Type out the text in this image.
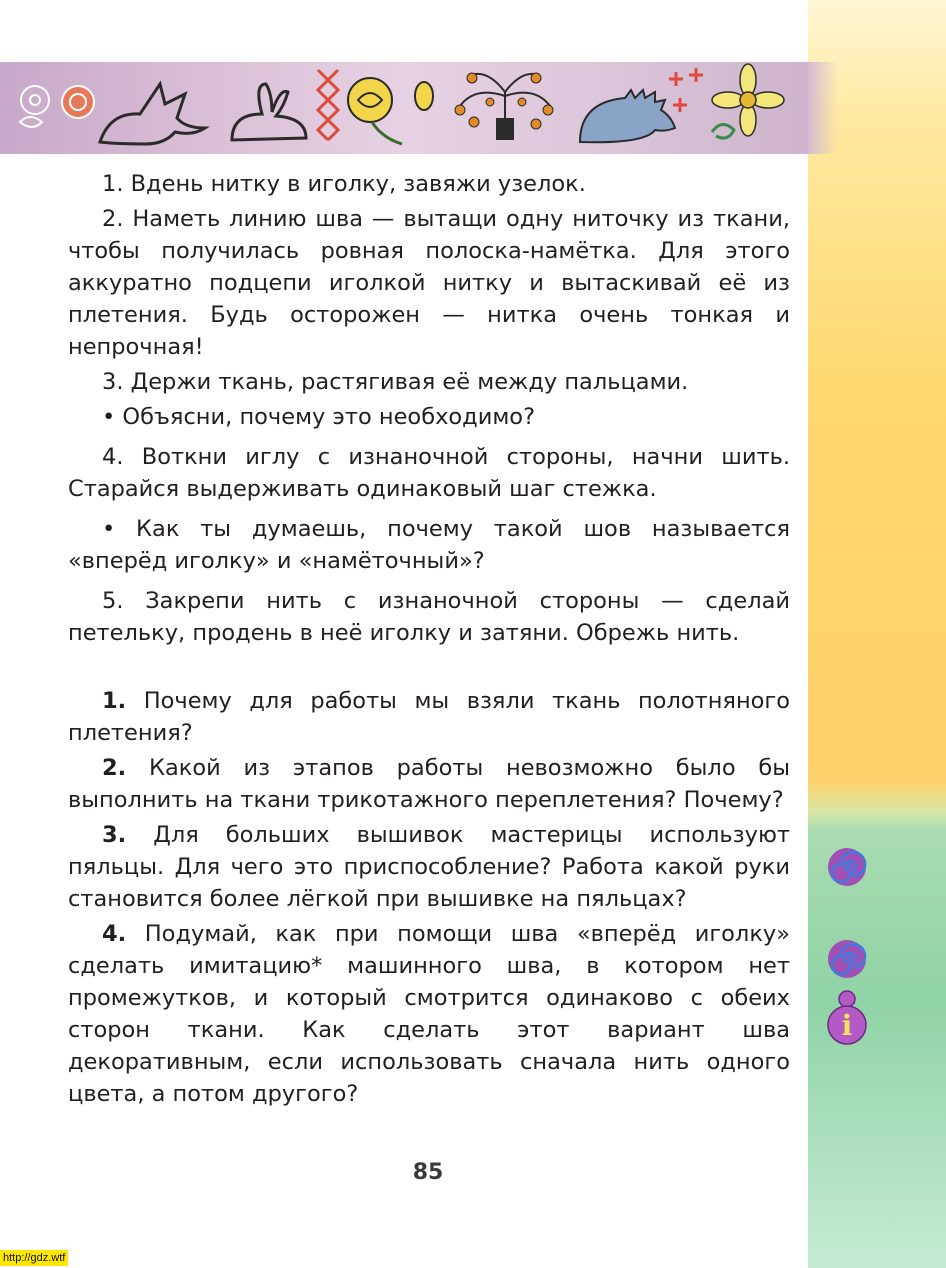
1. Вдень нитку в иголку, завяжи узелок.

2. Наметь линию шва — вытащи одну ниточку из ткани, чтобы получилась ровная полоска-намётка. Для этого аккуратно подцепи иголкой нитку и вытаскивай её из плетения. Будь осторожен — нитка очень тонкая и непрочная!

3. Держи ткань, растягивая её между пальцами.

• Объясни, почему это необходимо?

4. Воткни иглу с изнаночной стороны, начни шить. Старайся выдерживать одинаковый шаг стежка.

• Как ты думаешь, почему такой шов называется «вперёд иголку» и «намёточный»?

5. Закрепи нить с изнаночной стороны — сделай петельку, продень в неё иголку и затяни. Обрежь нить.

1. Почему для работы мы взяли ткань полотняного плетения?

2. Какой из этапов работы невозможно было бы выполнить на ткани трикотажного переплетения? Почему?

3. Для больших вышивок мастерицы используют пяльцы. Для чего это приспособление? Работа какой руки становится более лёгкой при вышивке на пяльцах?

4. Подумай, как при помощи шва «вперёд иголку» сделать имитацию* машинного шва, в котором нет промежутков, и который смотрится одинаково с обеих сторон ткани. Как сделать этот вариант шва декоративным, если использовать сначала нить одного цвета, а потом другого?

i
85
http://gdz.wtf
